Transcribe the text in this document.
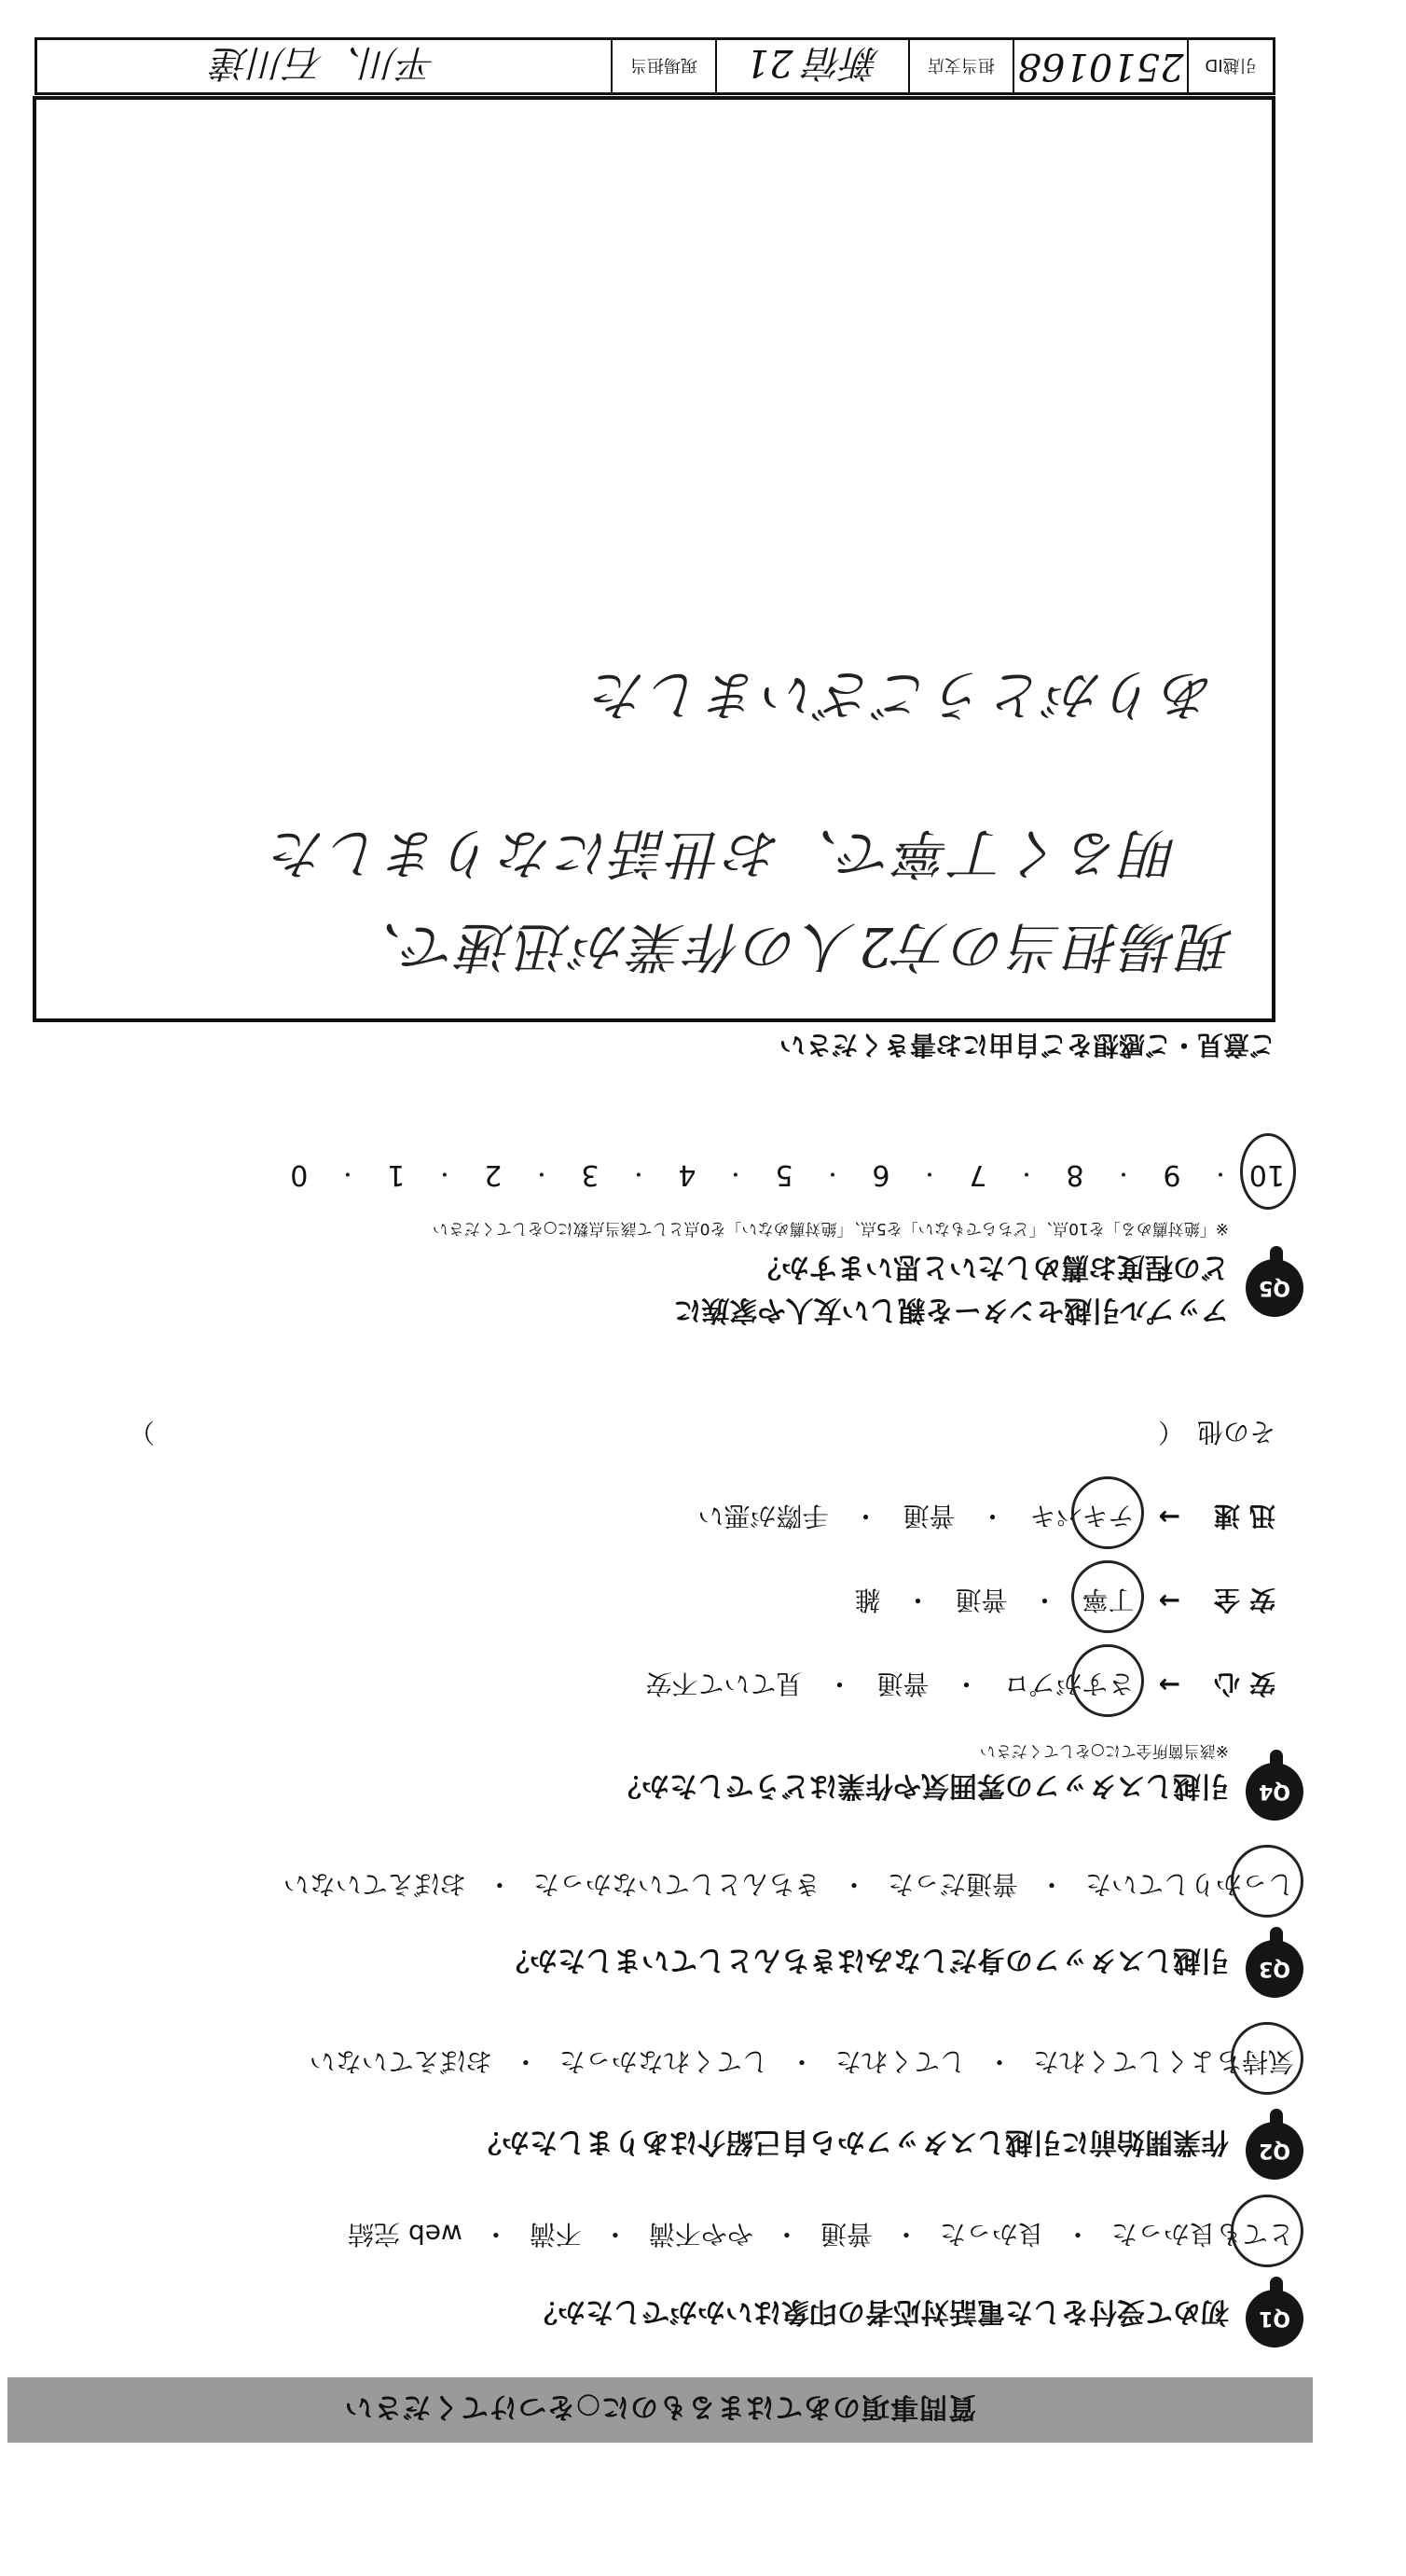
質問事項のあてはまるものに○をつけてください
Q1
初めて受付をした電話対応者の印象はいかがでしたか？
とても良かった
・
良かった
・
普通
・
やや不満
・
不満
・
web 完結
Q2
作業開始前に引越しスタッフから自己紹介はありましたか？
気持ちよくしてくれた
・
してくれた
・
してくれなかった
・
おぼえていない
Q3
引越しスタッフの身だしなみはきちんとしていましたか？
しっかりしていた
・
普通だった
・
きちんとしていなかった
・
おぼえていない
Q4
引越しスタッフの雰囲気や作業はどうでしたか？
※該当箇所全てに○をしてください
安心
→
さすがプロ
・
普通
・
見ていて不安
安全
→
丁寧
・
普通
・
雑
迅速
→
テキパキ
・
普通
・
手際が悪い
その他　（
）
Q5
アップル引越センターを親しい友人や家族に
どの程度お薦めしたいと思いますか？
※「絶対薦める」を10点、「どちらでもない」を5点、「絶対薦めない」を0点として該当点数に○をしてください
10
・
9
・
8
・
7
・
6
・
5
・
4
・
3
・
2
・
1
・
0
ご意見・ご感想をご自由にお書きください
現場担当の方2人の作業が迅速で、
明るく丁寧で、お世話になりました
ありがとうございました
引越ID
2510168
担当支店
新宿 21
現場担当
平川、石川達
